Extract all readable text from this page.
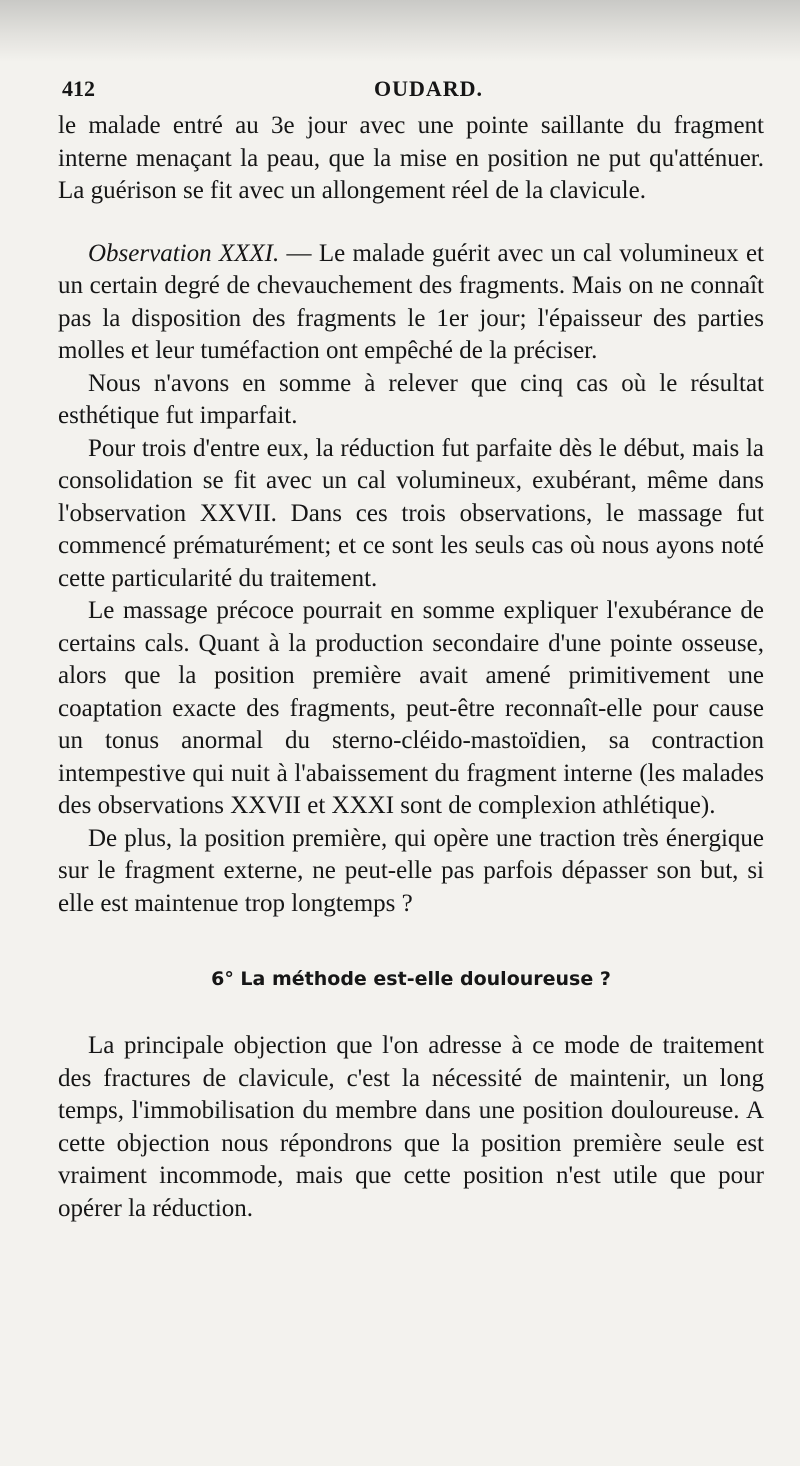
412	OUDARD.

le malade entré au 3e jour avec une pointe saillante du fragment interne menaçant la peau, que la mise en position ne put qu'atténuer. La guérison se fit avec un allongement réel de la clavicule.

Observation XXXI. — Le malade guérit avec un cal volumineux et un certain degré de chevauchement des fragments. Mais on ne connaît pas la disposition des fragments le 1er jour; l'épaisseur des parties molles et leur tuméfaction ont empêché de la préciser.

Nous n'avons en somme à relever que cinq cas où le résultat esthétique fut imparfait.

Pour trois d'entre eux, la réduction fut parfaite dès le début, mais la consolidation se fit avec un cal volumineux, exubérant, même dans l'observation XXVII. Dans ces trois observations, le massage fut commencé prématurément; et ce sont les seuls cas où nous ayons noté cette particularité du traitement.

Le massage précoce pourrait en somme expliquer l'exubérance de certains cals. Quant à la production secondaire d'une pointe osseuse, alors que la position première avait amené primitivement une coaptation exacte des fragments, peut-être reconnaît-elle pour cause un tonus anormal du sterno-cléido-mastoïdien, sa contraction intempestive qui nuit à l'abaissement du fragment interne (les malades des observations XXVII et XXXI sont de complexion athlétique).

De plus, la position première, qui opère une traction très énergique sur le fragment externe, ne peut-elle pas parfois dépasser son but, si elle est maintenue trop longtemps ?

6° La méthode est-elle douloureuse ?

La principale objection que l'on adresse à ce mode de traitement des fractures de clavicule, c'est la nécessité de maintenir, un long temps, l'immobilisation du membre dans une position douloureuse. A cette objection nous répondrons que la position première seule est vraiment incommode, mais que cette position n'est utile que pour opérer la réduction.
